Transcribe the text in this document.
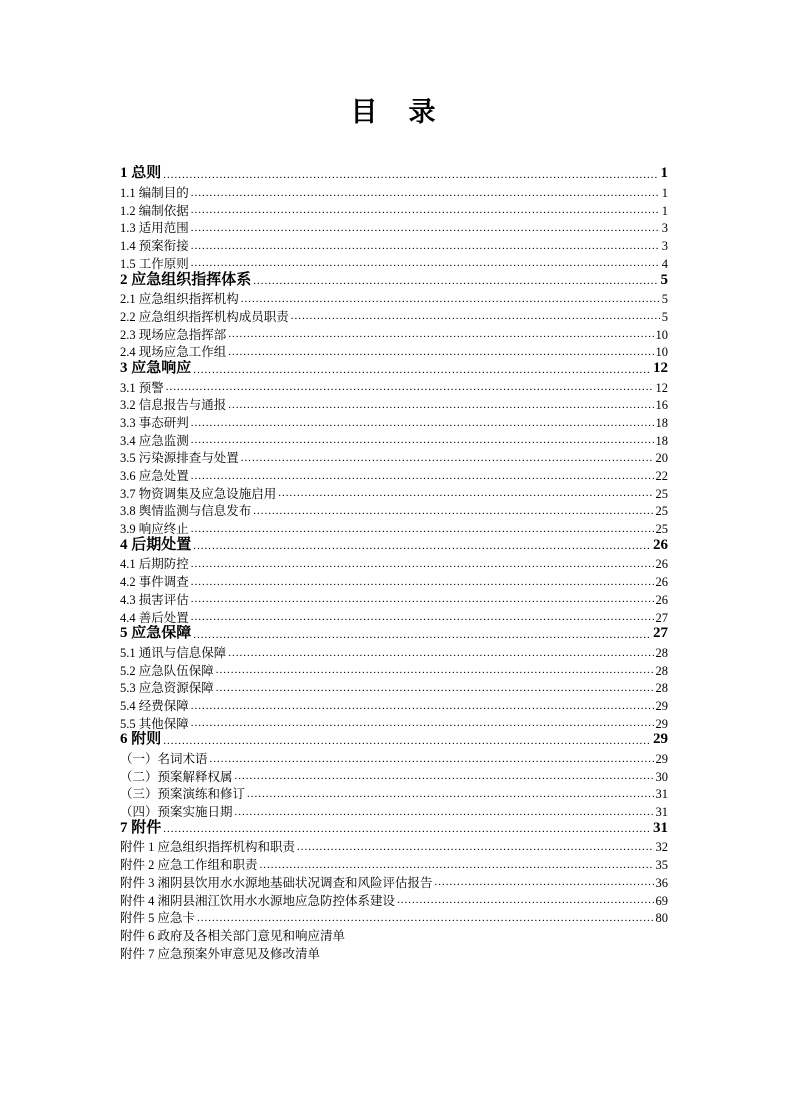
目　录
1 总则 .....	1
1.1 编制目的 .....	1
1.2 编制依据 .....	1
1.3 适用范围 .....	3
1.4 预案衔接 .....	3
1.5 工作原则 .....	4
2 应急组织指挥体系 .....	5
2.1 应急组织指挥机构 .....	5
2.2 应急组织指挥机构成员职责 .....	5
2.3 现场应急指挥部 .....	10
2.4 现场应急工作组 .....	10
3 应急响应 .....	12
3.1 预警 .....	12
3.2 信息报告与通报 .....	16
3.3 事态研判 .....	18
3.4 应急监测 .....	18
3.5 污染源排查与处置 .....	20
3.6 应急处置 .....	22
3.7 物资调集及应急设施启用 .....	25
3.8 舆情监测与信息发布 .....	25
3.9 响应终止 .....	25
4 后期处置 .....	26
4.1 后期防控 .....	26
4.2 事件调查 .....	26
4.3 损害评估 .....	26
4.4 善后处置 .....	27
5 应急保障 .....	27
5.1 通讯与信息保障 .....	28
5.2 应急队伍保障 .....	28
5.3 应急资源保障 .....	28
5.4 经费保障 .....	29
5.5 其他保障 .....	29
6 附则 .....	29
（一）名词术语 .....	29
（二）预案解释权属 .....	30
（三）预案演练和修订 .....	31
（四）预案实施日期 .....	31
7 附件 .....	31
附件 1 应急组织指挥机构和职责 .....	32
附件 2 应急工作组和职责 .....	35
附件 3 湘阴县饮用水水源地基础状况调查和风险评估报告 .....	36
附件 4 湘阴县湘江饮用水水源地应急防控体系建设 .....	69
附件 5 应急卡 .....	80
附件 6 政府及各相关部门意见和响应清单
附件 7 应急预案外审意见及修改清单
